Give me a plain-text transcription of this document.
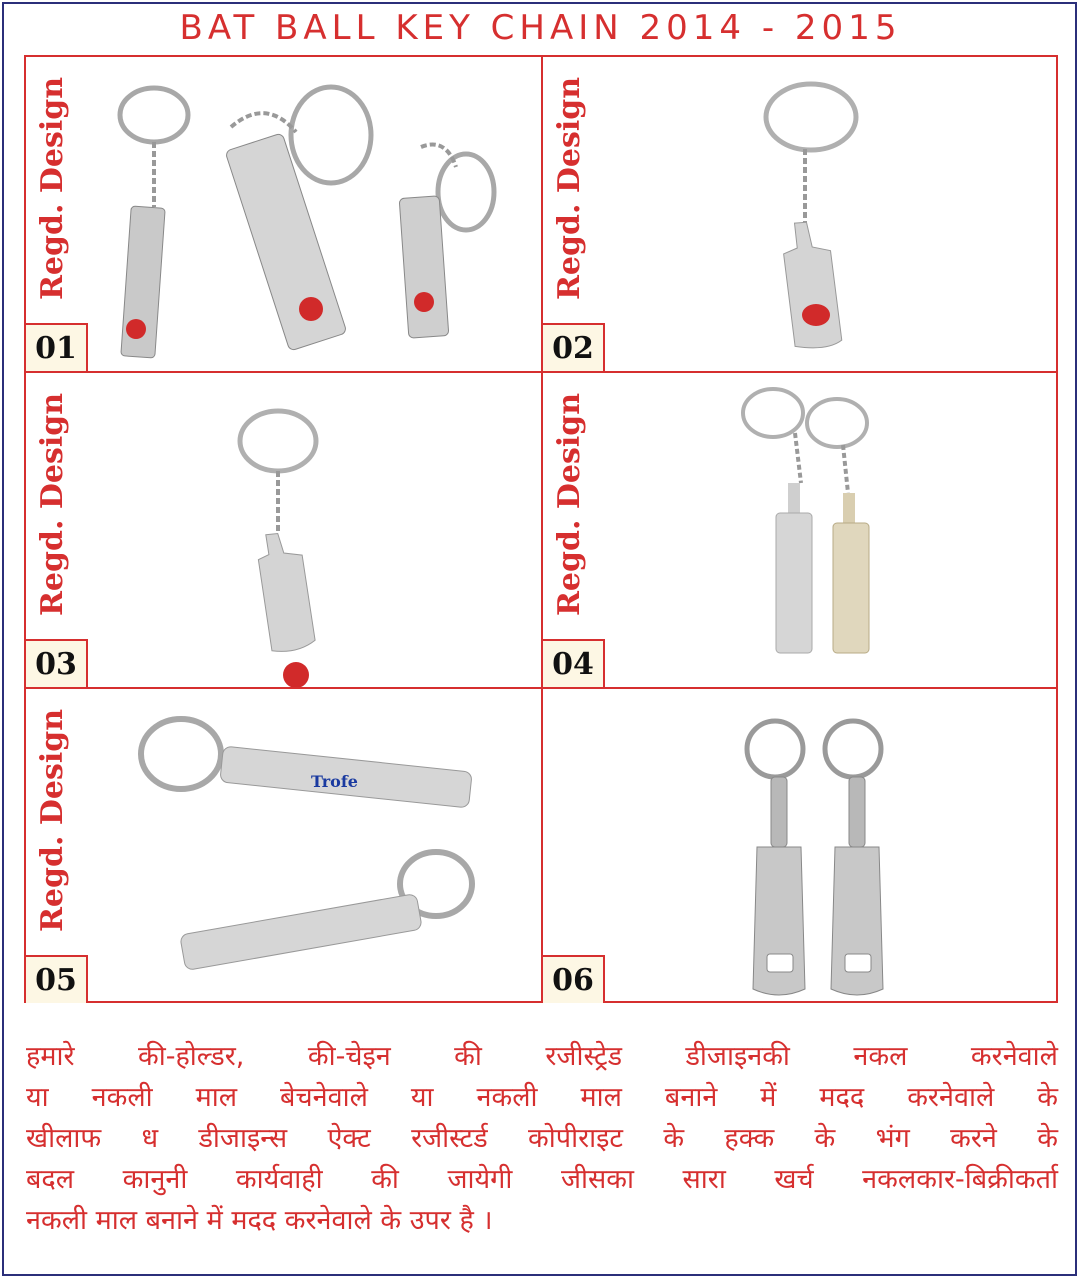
BAT BALL KEY CHAIN 2014 - 2015
Regd. Design
01
Regd. Design
02
Regd. Design
03
Regd. Design
04
Regd. Design	Trofe
05	06
हमारे की-होल्डर, की-चेइन की रजीस्ट्रेड डीजाइनकी नकल करनेवाले
या नकली माल बेचनेवाले या नकली माल बनाने में मदद करनेवाले के
खीलाफ ध डीजाइन्स ऐक्ट रजीस्टर्ड कोपीराइट के हक्क के भंग करने के
बदल कानुनी कार्यवाही की जायेगी जीसका सारा खर्च नकलकार-बिक्रीकर्ता
नकली माल बनाने में मदद करनेवाले के उपर है ।
